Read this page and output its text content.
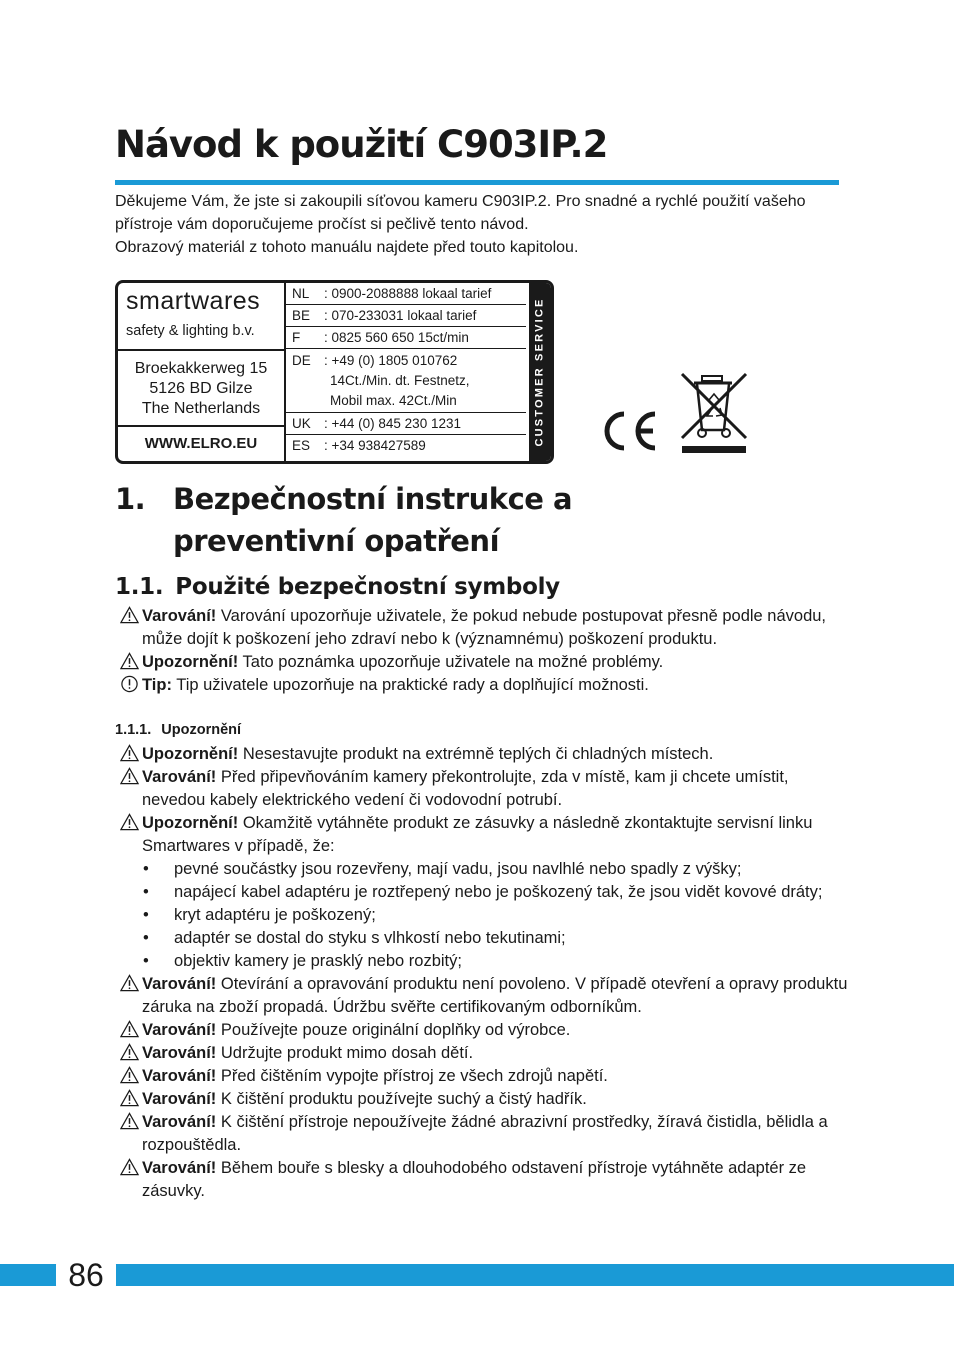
Návod k použití C903IP.2

Děkujeme Vám, že jste si zakoupili síťovou kameru C903IP.2. Pro snadné a rychlé použití vašeho přístroje vám doporučujeme pročíst si pečlivě tento návod.

Obrazový materiál z tohoto manuálu najdete před touto kapitolou.

smartwares
safety & lighting b.v.
Broekakkerweg 15
5126 BD Gilze
The Netherlands
WWW.ELRO.EU
NL : 0900-2088888 lokaal tarief
BE : 070-233031 lokaal tarief
F : 0825 560 650 15ct/min
DE : +49 (0) 1805 010762
14Ct./Min. dt. Festnetz,
Mobil max. 42Ct./Min
UK : +44 (0) 845 230 1231
ES : +34 938427589	CUSTOMER SERVICE
1. Bezpečnostní instrukce a
preventivní opatření
1.1. Použité bezpečnostní symboly
Varování! Varování upozorňuje uživatele, že pokud nebude postupovat přesně podle návodu, může dojít k poškození jeho zdraví nebo k (významnému) poškození produktu.
Upozornění! Tato poznámka upozorňuje uživatele na možné problémy.
Tip: Tip uživatele upozorňuje na praktické rady a doplňující možnosti.
1.1.1. Upozornění
Upozornění! Nesestavujte produkt na extrémně teplých či chladných místech.
Varování! Před připevňováním kamery překontrolujte, zda v místě, kam ji chcete umístit, nevedou kabely elektrického vedení či vodovodní potrubí.
Upozornění! Okamžitě vytáhněte produkt ze zásuvky a následně zkontaktujte servisní linku Smartwares v případě, že:
• pevné součástky jsou rozevřeny, mají vadu, jsou navlhlé nebo spadly z výšky;
• napájecí kabel adaptéru je roztřepený nebo je poškozený tak, že jsou vidět kovové dráty;
• kryt adaptéru je poškozený;
• adaptér se dostal do styku s vlhkostí nebo tekutinami;
• objektiv kamery je prasklý nebo rozbitý;
Varování! Otevírání a opravování produktu není povoleno. V případě otevření a opravy produktu záruka na zboží propadá. Údržbu svěřte certifikovaným odborníkům.
Varování! Používejte pouze originální doplňky od výrobce.
Varování! Udržujte produkt mimo dosah dětí.
Varování! Před čištěním vypojte přístroj ze všech zdrojů napětí.
Varování! K čištění produktu používejte suchý a čistý hadřík.
Varování! K čištění přístroje nepoužívejte žádné abrazivní prostředky, žíravá čistidla, bělidla a rozpouštědla.
Varování! Během bouře s blesky a dlouhodobého odstavení přístroje vytáhněte adaptér ze zásuvky.
86
